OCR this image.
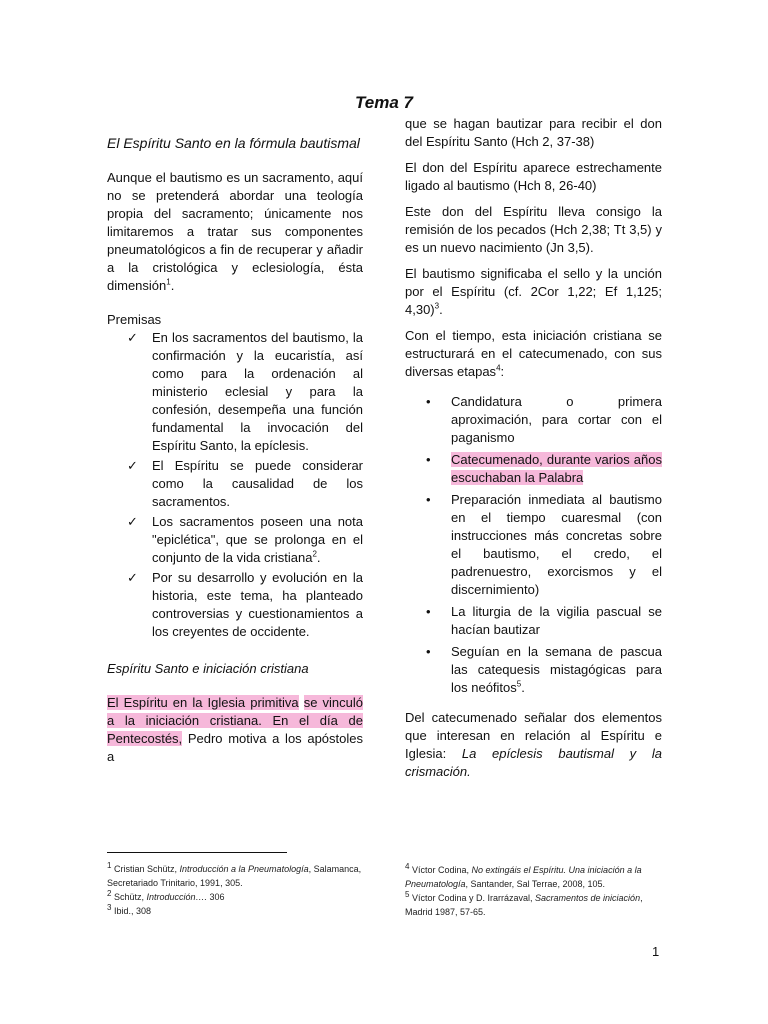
Tema 7

El Espíritu Santo en la fórmula bautismal

Aunque el bautismo es un sacramento, aquí no se pretenderá abordar una teología propia del sacramento; únicamente nos limitaremos a tratar sus componentes pneumatológicos a fin de recuperar y añadir a la cristológica y eclesiología, ésta dimensión$^1$.

Premisas

✓ En los sacramentos del bautismo, la confirmación y la eucaristía, así como para la ordenación al ministerio eclesial y para la confesión, desempeña una función fundamental la invocación del Espíritu Santo, la epíclesis.
✓ El Espíritu se puede considerar como la causalidad de los sacramentos.
✓ Los sacramentos poseen una nota "epiclética", que se prolonga en el conjunto de la vida cristiana$^2$.
✓ Por su desarrollo y evolución en la historia, este tema, ha planteado controversias y cuestionamientos a los creyentes de occidente.

Espíritu Santo e iniciación cristiana

El Espíritu en la Iglesia primitiva se vinculó a la iniciación cristiana. En el día de Pentecostés, Pedro motiva a los apóstoles a

que se hagan bautizar para recibir el don del Espíritu Santo (Hch 2, 37-38)

El don del Espíritu aparece estrechamente ligado al bautismo (Hch 8, 26-40)

Este don del Espíritu lleva consigo la remisión de los pecados (Hch 2,38; Tt 3,5) y es un nuevo nacimiento (Jn 3,5).

El bautismo significaba el sello y la unción por el Espíritu (cf. 2Cor 1,22; Ef 1,125; 4,30)$^3$.

Con el tiempo, esta iniciación cristiana se estructurará en el catecumenado, con sus diversas etapas$^4$:

• Candidatura o primera aproximación, para cortar con el paganismo
• Catecumenado, durante varios años escuchaban la Palabra
• Preparación inmediata al bautismo en el tiempo cuaresmal (con instrucciones más concretas sobre el bautismo, el credo, el padrenuestro, exorcismos y el discernimiento)
• La liturgia de la vigilia pascual se hacían bautizar
• Seguían en la semana de pascua las catequesis mistagógicas para los neófitos$^5$.

Del catecumenado señalar dos elementos que interesan en relación al Espíritu e Iglesia: La epíclesis bautismal y la crismación.

$^1$ Cristian Schütz, Introducción a la Pneumatología, Salamanca, Secretariado Trinitario, 1991, 305.
$^2$ Schütz, Introducción…. 306
$^3$ Ibid., 308
$^4$ Víctor Codina, No extingáis el Espíritu. Una iniciación a la Pneumatología, Santander, Sal Terrae, 2008, 105.
$^5$ Víctor Codina y D. Irarrázaval, Sacramentos de iniciación, Madrid 1987, 57-65.
1
